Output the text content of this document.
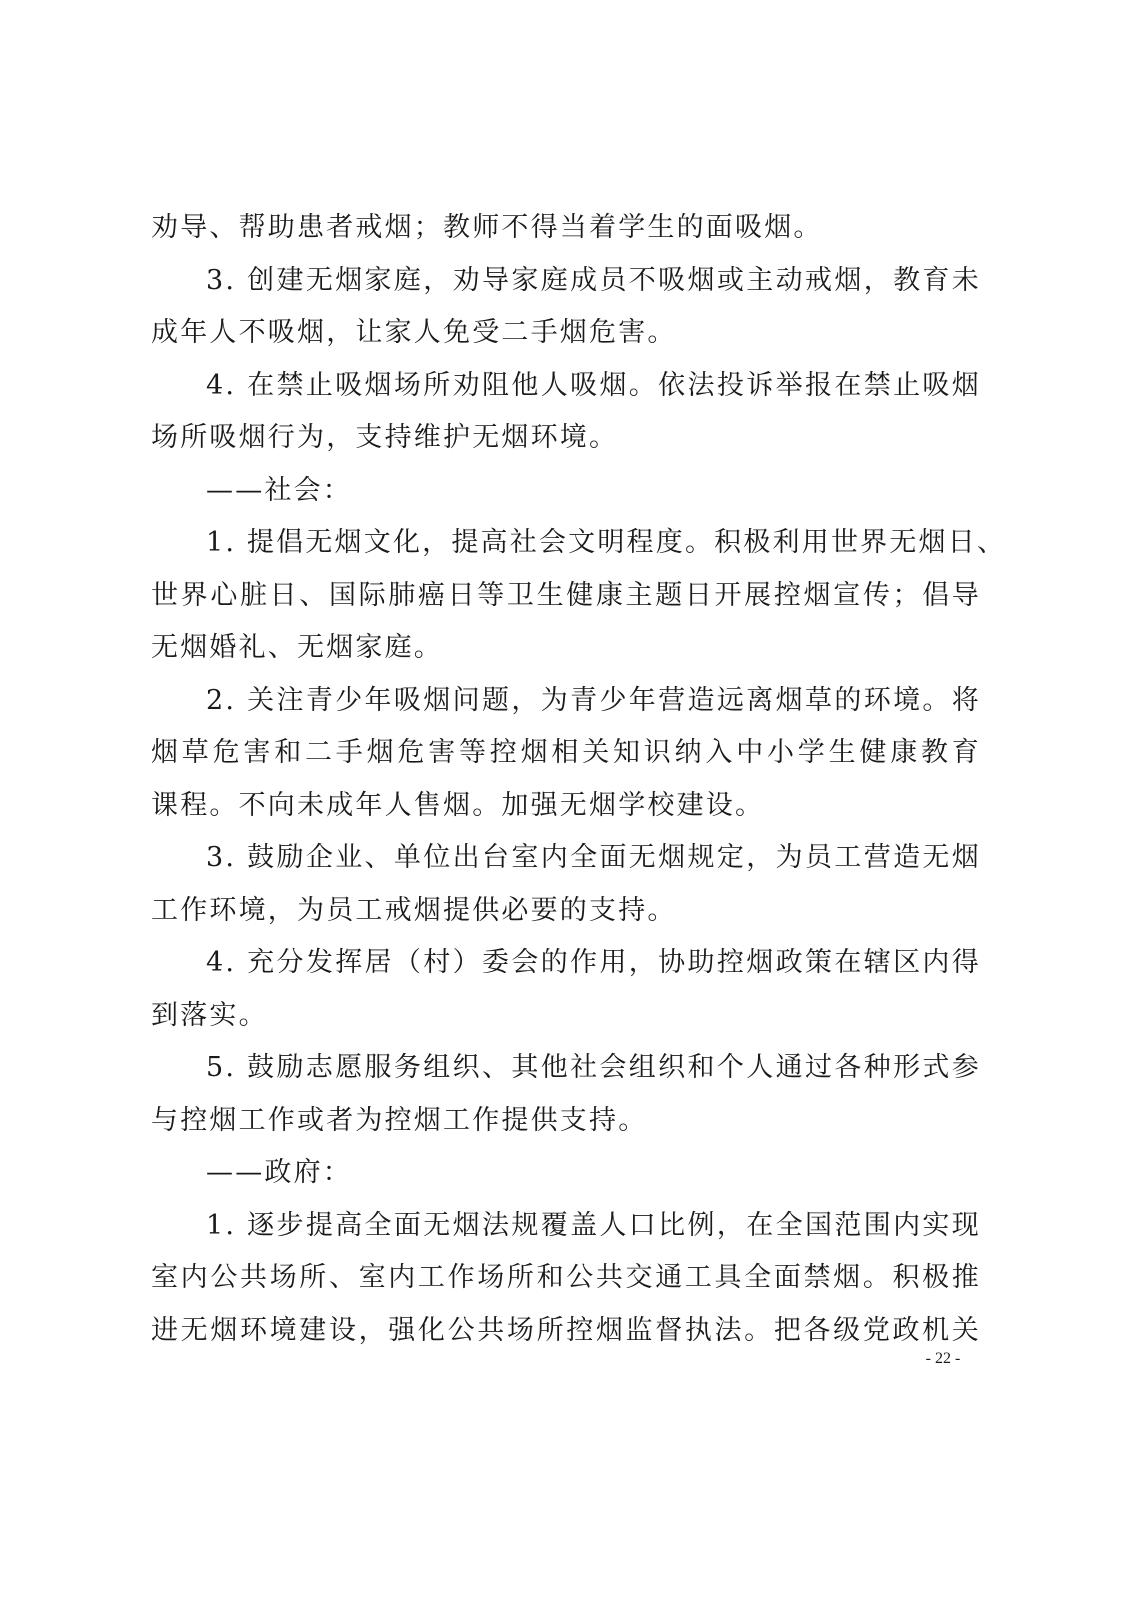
劝导、帮助患者戒烟；教师不得当着学生的面吸烟。
3. 创建无烟家庭，劝导家庭成员不吸烟或主动戒烟，教育未
成年人不吸烟，让家人免受二手烟危害。
4. 在禁止吸烟场所劝阻他人吸烟。依法投诉举报在禁止吸烟
场所吸烟行为，支持维护无烟环境。
——社会：
1. 提倡无烟文化，提高社会文明程度。积极利用世界无烟日、
世界心脏日、国际肺癌日等卫生健康主题日开展控烟宣传；倡导
无烟婚礼、无烟家庭。
2. 关注青少年吸烟问题，为青少年营造远离烟草的环境。将
烟草危害和二手烟危害等控烟相关知识纳入中小学生健康教育
课程。不向未成年人售烟。加强无烟学校建设。
3. 鼓励企业、单位出台室内全面无烟规定，为员工营造无烟
工作环境，为员工戒烟提供必要的支持。
4. 充分发挥居（村）委会的作用，协助控烟政策在辖区内得
到落实。
5. 鼓励志愿服务组织、其他社会组织和个人通过各种形式参
与控烟工作或者为控烟工作提供支持。
——政府：
1. 逐步提高全面无烟法规覆盖人口比例，在全国范围内实现
室内公共场所、室内工作场所和公共交通工具全面禁烟。积极推
进无烟环境建设，强化公共场所控烟监督执法。把各级党政机关
- 22 -
